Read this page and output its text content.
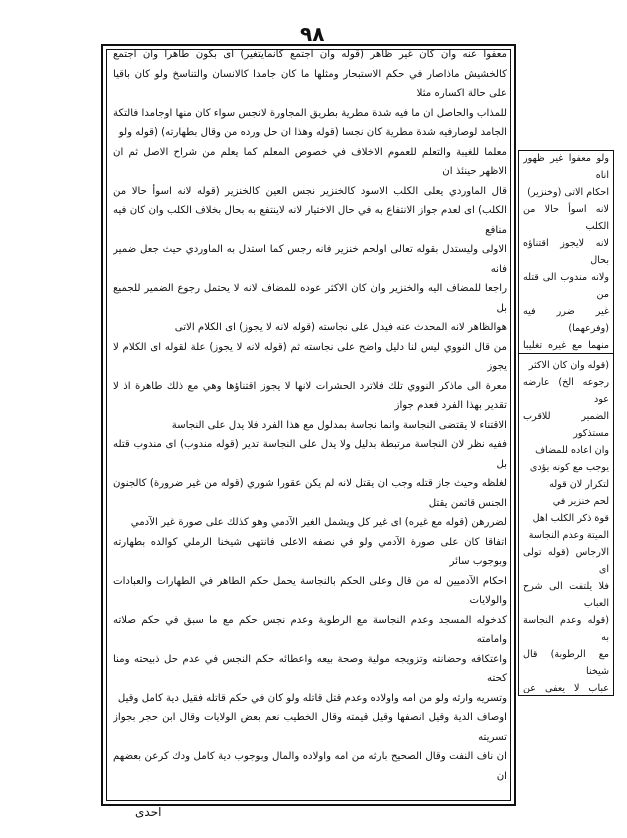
٩٨

معفوا عنه وان كان غير ظاهر (قوله وان اجتمع كانمايتغير) اى بكون طاهرا وان اجتمع كالخشيش ماذاصار في حكم الاستبحار ومثلها ما كان جامدا كالانسان والتناسخ ولو كان باقيا على حالة اكساره مثلا

للمذاب والحاصل ان ما فيه شدة مطرية بطريق المجاورة لانجس سواء كان منها اوجامدا فالتكة الجامد لوصارفيه شدة مطرية كان نجسا (قوله وهذا ان حل ورده من وقال بطهارته) (قوله ولو

معلما للغيبة والتعلم للعموم الاخلاف في خصوص المعلم كما يعلم من شراح الاصل ثم ان الاظهر حينئذ ان

قال الماوردي يعلى الكلب الاسود كالخنزير نجس العين كالخنزير (قوله لانه اسوأ حالا من الكلب) اى لعدم جواز الانتفاع به في حال الاختيار لانه لاينتفع به بحال بخلاف الكلب وان كان فيه منافع

الاولى وليستدل بقوله تعالى اولحم خنزير فانه رجس كما استدل به الماوردي حيث جعل ضمير فانه

راجعا للمضاف اليه والخنزير وان كان الاكثر عوده للمضاف لانه لا يحتمل رجوع الضمير للجميع بل

هوالظاهر لانه المحدث عنه فيدل على نجاسته (قوله لانه لا يجوز) اى الكلام الاتى

من قال النووي ليس لنا دليل واضح على نجاسته ثم (قوله لانه لا يجوز) علة لقوله اى الكلام لا يجوز

معرة الى ماذكر النووي تلك فلاترد الحشرات لانها لا يجوز اقتناؤها وهي مع ذلك طاهرة اذ لا تقدير بهذا الفرد فعدم جواز

الاقتناء لا يقتضى النجاسة وانما نجاسة بمدلول مع هذا الفرد فلا يدل على النجاسة

ففيه نظر لان النجاسة مرتبطة بدليل ولا يدل على النجاسة تدير (قوله مندوب) اى مندوب قتله بل

لغلظه وحيث جاز قتله وجب ان يقتل لانه لم يكن عقورا شوري (قوله من غير ضرورة) كالجنون الجنس قاتمن يقتل

لضررهن (قوله مع غيره) اى غير كل ويشمل الغير الآدمي وهو كذلك على صورة غير الآدمي

اتفاقا كان على صورة الآدمي ولو في نصفه الاعلى فانتهى شيخنا الرملي كوالده بطهارته وبوجوب سائر

احكام الآدميين له من قال وعلى الحكم بالنجاسة يحمل حكم الطاهر في الطهارات والعبادات والولايات

كدخوله المسجد وعدم النجاسة مع الرطوبة وعدم نجس حكم مع ما سبق في حكم صلاته وامامته

واعتكافه وحضانته وتزويجه مولية وصحة بيعه واعطائه حكم النجس في عدم حل ذبيحته ومنا كحته

وتسريه وارثه ولو من امه واولاده وعدم قتل قاتله ولو كان في حكم قاتله فقيل دية كامل وقيل

اوصاف الدية وقيل انصفها وقيل قيمته وقال الخطيب نعم بعض الولايات وقال ابن حجر بجواز تسريته

ان ناف النفت وقال الصحيح بارثه من امه واولاده والمال وبوجوب دية كامل ودك كرعن بعضهم ان

ولو معفوا غير ظهور اناه

احكام الاتى (وخنزير)

لانه اسوأ حالا من الكلب

لانه لايجوز اقتناؤه بحال

ولانه مندوب الى قتله من

غير ضرر فيه (وفرعهما)

منهما مع غيره تغليبا

(قوله وان كان الاكثر

رجوعه الخ) عارضه عود

الضمير للاقرب مستذكور

وان اعاده للمضاف

يوجب مع كونه يؤدى

لتكرار لان قوله

لحم خنزير في

قوة ذكر الكلب اهل

الميتة وعدم النجاسة

الارجاس (قوله تولى اى

فلا يلتفت الى شرح العباب

(قوله وعدم النجاسة به

مع الرطوبة) قال شيخنا

عباب لا يعفى عن

احدى
